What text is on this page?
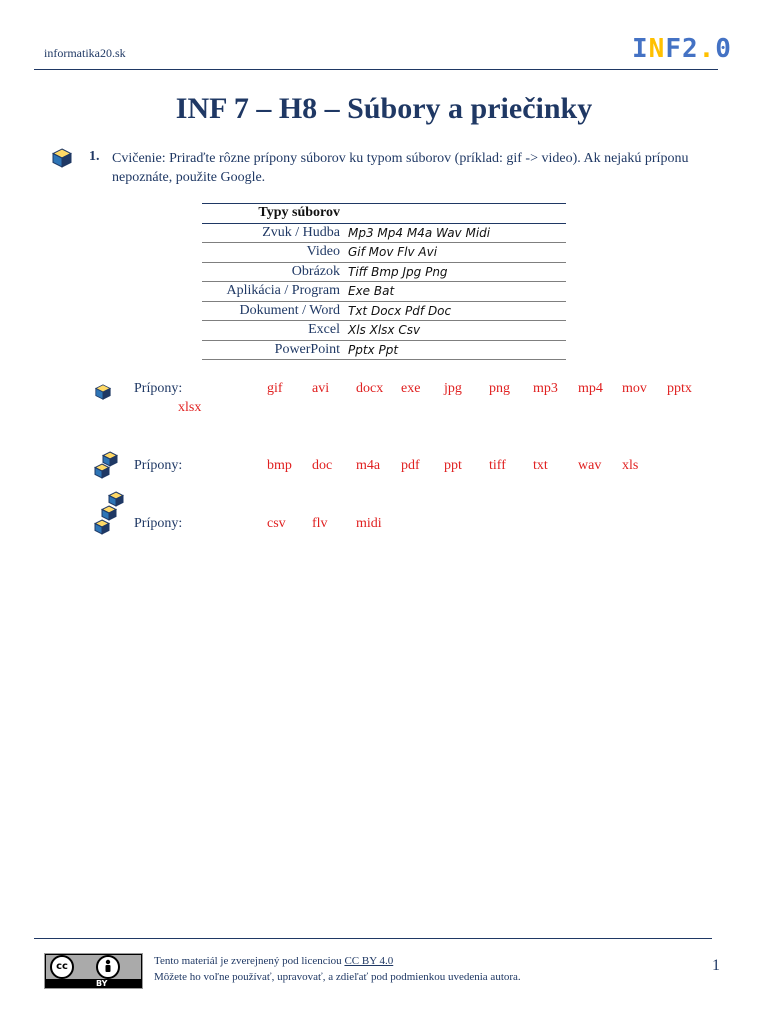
informatika20.sk	INF2.0
INF 7 – H8 – Súbory a priečinky
1. Cvičenie: Priraďte rôzne prípony súborov ku typom súborov (príklad: gif -> video). Ak nejakú príponu nepoznáte, použite Google.
Typy súborov	
Zvuk / Hudba	Mp3 Mp4 M4a Wav Midi
Video	Gif Mov Flv Avi
Obrázok	Tiff Bmp Jpg Png
Aplikácia / Program	Exe Bat
Dokument / Word	Txt Docx Pdf Doc
Excel	Xls Xlsx Csv
PowerPoint	Pptx Ppt
Prípony:	gif avi docx exe jpg png mp3 mp4 mov pptx
xlsx
Prípony:	bmp doc m4a pdf ppt tiff txt wav xls
Prípony:	csv flv midi
cc
BY
Tento materiál je zverejnený pod licenciou CC BY 4.0
Môžete ho voľne používať, upravovať, a zdieľať pod podmienkou uvedenia autora.
1
